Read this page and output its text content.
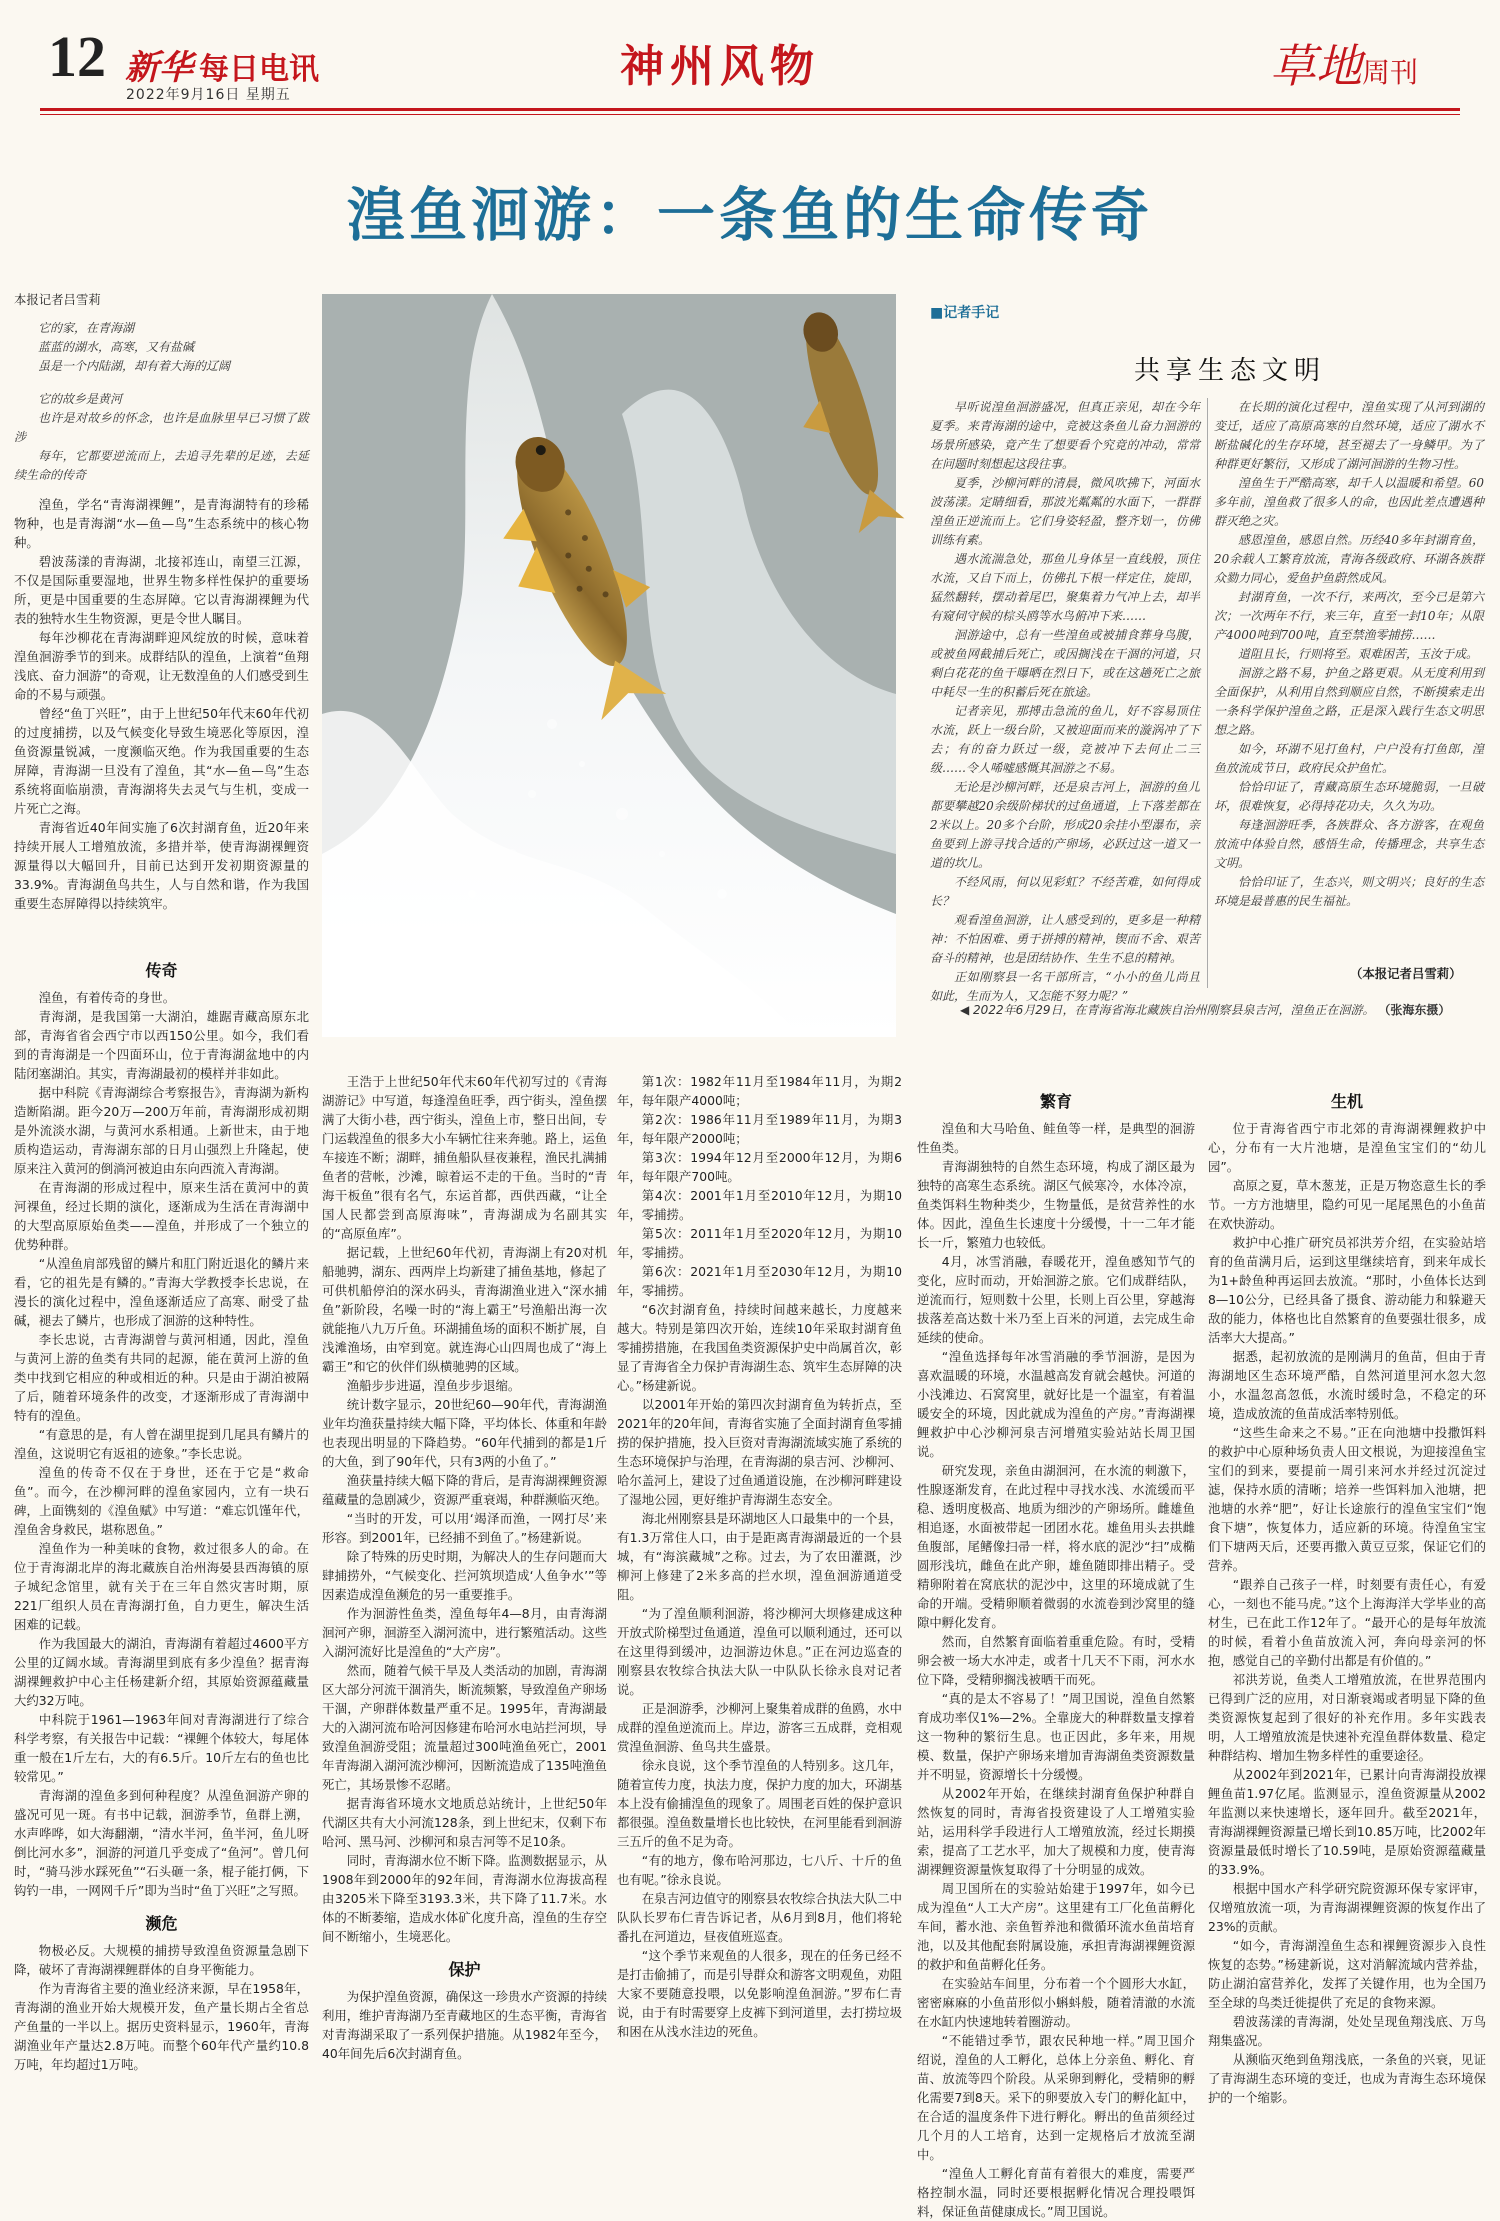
12 新华 每日电讯
2022年9月16日 星期五
神州风物	草地周刊
湟鱼洄游：一条鱼的生命传奇
本报记者吕雪莉
它的家，在青海湖
蓝蓝的湖水，高寒，又有盐碱
虽是一个内陆湖，却有着大海的辽阔
它的故乡是黄河
也许是对故乡的怀念，也许是血脉里早已习惯了跋涉
每年，它都要逆流而上，去追寻先辈的足迹，去延续生命的传奇

湟鱼，学名“青海湖裸鲤”，是青海湖特有的珍稀物种，也是青海湖“水—鱼—鸟”生态系统中的核心物种。

碧波荡漾的青海湖，北接祁连山，南望三江源，不仅是国际重要湿地，世界生物多样性保护的重要场所，更是中国重要的生态屏障。它以青海湖裸鲤为代表的独特水生生物资源，更是令世人瞩目。

每年沙柳花在青海湖畔迎风绽放的时候，意味着湟鱼洄游季节的到来。成群结队的湟鱼，上演着“鱼翔浅底、奋力洄游”的奇观，让无数湟鱼的人们感受到生命的不易与顽强。

曾经“鱼丁兴旺”，由于上世纪50年代末60年代初的过度捕捞，以及气候变化导致生境恶化等原因，湟鱼资源量锐减，一度濒临灭绝。作为我国重要的生态屏障，青海湖一旦没有了湟鱼，其“水—鱼—鸟”生态系统将面临崩溃，青海湖将失去灵气与生机，变成一片死亡之海。

青海省近40年间实施了6次封湖育鱼，近20年来持续开展人工增殖放流，多措并举，使青海湖裸鲤资源量得以大幅回升，目前已达到开发初期资源量的33.9%。青海湖鱼鸟共生，人与自然和谐，作为我国重要生态屏障得以持续筑牢。

◀ 2022年6月29日，在青海省海北藏族自治州刚察县泉吉河，湟鱼正在洄游。 （张海东摄）
■记者手记
共享生态文明

早听说湟鱼洄游盛况，但真正亲见，却在今年夏季。来青海湖的途中，竞被这条鱼儿奋力洄游的场景所感染，竟产生了想要看个究竟的冲动，常常在问题时刻想起这段往事。

夏季，沙柳河畔的清晨，微风吹拂下，河面水波荡漾。定睛细看，那波光粼粼的水面下，一群群湟鱼正逆流而上。它们身姿轻盈，整齐划一，仿佛训练有素。

遇水流湍急处，那鱼儿身体呈一直线般，顶住水流，又自下而上，仿佛扎下根一样定住，旋即，猛然翻转，摆动着尾巴，聚集着力气冲上去，却半有窥伺守候的棕头鸥等水鸟俯冲下来……

洄游途中，总有一些湟鱼或被捕食葬身鸟腹，或被鱼网截捕后死亡，或因搁浅在干涸的河道，只剩白花花的鱼干曝晒在烈日下，或在这趟死亡之旅中耗尽一生的积蓄后死在旅途。

记者亲见，那搏击急流的鱼儿，好不容易顶住水流，跃上一级台阶，又被迎面而来的漩涡冲了下去；有的奋力跃过一级，竞被冲下去何止二三级……令人唏嘘感慨其洄游之不易。

无论是沙柳河畔，还是泉吉河上，洄游的鱼儿都要攀越20余级阶梯状的过鱼通道，上下落差都在2米以上。20多个台阶，形成20余挂小型瀑布，亲鱼要到上游寻找合适的产卵场，必跃过这一道又一道的坎儿。

不经风雨，何以见彩虹？不经苦难，如何得成长？

观看湟鱼洄游，让人感受到的，更多是一种精神：不怕困难、勇于拼搏的精神，锲而不舍、艰苦奋斗的精神，也是团结协作、生生不息的精神。

正如刚察县一名干部所言，“小小的鱼儿尚且如此，生而为人，又怎能不努力呢？”

在长期的演化过程中，湟鱼实现了从河到湖的变迁，适应了高原高寒的自然环境，适应了湖水不断盐碱化的生存环境，甚至褪去了一身鳞甲。为了种群更好繁衍，又形成了湖河洄游的生物习性。

湟鱼生于严酷高寒，却千人以温暖和希望。60多年前，湟鱼救了很多人的命，也因此差点遭遇种群灭绝之灾。

感恩湟鱼，感恩自然。历经40多年封湖育鱼，20余载人工繁育放流，青海各级政府、环湖各族群众勠力同心，爱鱼护鱼蔚然成风。

封湖育鱼，一次不行，来两次，至今已是第六次；一次两年不行，来三年，直至一封10年；从限产4000吨到700吨，直至禁渔零捕捞……

道阻且长，行则将至。艰难困苦，玉汝于成。

洄游之路不易，护鱼之路更艰。从无度利用到全面保护，从利用自然到顺应自然，不断摸索走出一条科学保护湟鱼之路，正是深入践行生态文明思想之路。

如今，环湖不见打鱼村，户户没有打鱼郎，湟鱼放流成节日，政府民众护鱼忙。

恰恰印证了，青藏高原生态环境脆弱，一旦破坏，很难恢复，必得持花功夫，久久为功。

每逢洄游旺季，各族群众、各方游客，在观鱼放流中体验自然，感悟生命，传播理念，共享生态文明。

恰恰印证了，生态兴，则文明兴；良好的生态环境是最普惠的民生福祉。

（本报记者吕雪莉）
传奇

湟鱼，有着传奇的身世。

青海湖，是我国第一大湖泊，雄踞青藏高原东北部，青海省省会西宁市以西150公里。如今，我们看到的青海湖是一个四面环山，位于青海湖盆地中的内陆闭塞湖泊。其实，青海湖最初的模样并非如此。

据中科院《青海湖综合考察报告》，青海湖为新构造断陷湖。距今20万—200万年前，青海湖形成初期是外流淡水湖，与黄河水系相通。上新世末，由于地质构造运动，青海湖东部的日月山强烈上升隆起，使原来注入黄河的倒淌河被迫由东向西流入青海湖。

在青海湖的形成过程中，原来生活在黄河中的黄河裸鱼，经过长期的演化，逐渐成为生活在青海湖中的大型高原原始鱼类——湟鱼，并形成了一个独立的优势种群。

“从湟鱼肩部残留的鳞片和肛门附近退化的鳞片来看，它的祖先是有鳞的。”青海大学教授李长忠说，在漫长的演化过程中，湟鱼逐渐适应了高寒、耐受了盐碱，褪去了鳞片，也形成了洄游的这种特性。

李长忠说，古青海湖曾与黄河相通，因此，湟鱼与黄河上游的鱼类有共同的起源，能在黄河上游的鱼类中找到它相应的种或相近的种。只是由于湖泊被隔了后，随着环境条件的改变，才逐渐形成了青海湖中特有的湟鱼。

“有意思的是，有人曾在湖里捉到几尾具有鳞片的湟鱼，这说明它有返祖的迹象。”李长忠说。

湟鱼的传奇不仅在于身世，还在于它是“救命鱼”。而今，在沙柳河畔的湟鱼家园内，立有一块石碑，上面镌刻的《湟鱼赋》中写道：“难忘饥馑年代，湟鱼舍身救民，堪称恩鱼。”

湟鱼作为一种美味的食物，救过很多人的命。在位于青海湖北岸的海北藏族自治州海晏县西海镇的原子城纪念馆里，就有关于在三年自然灾害时期，原221厂组织人员在青海湖打鱼，自力更生，解决生活困难的记载。

作为我国最大的湖泊，青海湖有着超过4600平方公里的辽阔水域。青海湖里到底有多少湟鱼？据青海湖裸鲤救护中心主任杨建新介绍，其原始资源蕴藏量大约32万吨。

中科院于1961—1963年间对青海湖进行了综合科学考察，有关报告中记载：“裸鲤个体较大，每尾体重一般在1斤左右，大的有6.5斤。10斤左右的鱼也比较常见。”

青海湖的湟鱼多到何种程度？从湟鱼洄游产卵的盛况可见一斑。有书中记载，洄游季节，鱼群上溯，水声哗哗，如大海翻潮，“清水半河，鱼半河，鱼儿呀倒比河水多”，洄游的河道几乎变成了“鱼河”。曾几何时，“骑马涉水踩死鱼”“石头砸一条，棍子能打俩，下钩钓一串，一网网千斤”即为当时“鱼丁兴旺”之写照。

濒危

物极必反。大规模的捕捞导致湟鱼资源量急剧下降，破坏了青海湖裸鲤群体的自身平衡能力。

作为青海省主要的渔业经济来源，早在1958年，青海湖的渔业开始大规模开发，鱼产量长期占全省总产鱼量的一半以上。据历史资料显示，1960年，青海湖渔业年产量达2.8万吨。而整个60年代产量约10.8万吨，年均超过1万吨。

王浩于上世纪50年代末60年代初写过的《青海湖游记》中写道，每逢湟鱼旺季，西宁街头，湟鱼摆满了大街小巷，西宁街头，湟鱼上市，整日出间，专门运载湟鱼的很多大小车辆忙往来奔驰。路上，运鱼车接连不断；湖畔，捕鱼船队昼夜兼程，渔民扎满捕鱼者的营帐，沙滩，晾着运不走的干鱼。当时的“青海干板鱼”很有名气，东运首都，西供西藏，“让全国人民都尝到高原海味”，青海湖成为名副其实的“高原鱼库”。

据记载，上世纪60年代初，青海湖上有20对机船驰骋，湖东、西两岸上均新建了捕鱼基地，修起了可供机船停泊的深水码头，青海湖渔业进入“深水捕鱼”新阶段，名噪一时的“海上霸王”号渔船出海一次就能拖八九万斤鱼。环湖捕鱼场的面积不断扩展，自浅滩渔场，由窄到宽。就连海心山四周也成了“海上霸王”和它的伙伴们纵横驰骋的区域。

渔船步步进逼，湟鱼步步退缩。

统计数字显示，20世纪60—90年代，青海湖渔业年均渔获量持续大幅下降，平均体长、体重和年龄也表现出明显的下降趋势。“60年代捕到的都是1斤的大鱼，到了90年代，只有3两的小鱼了。”

渔获量持续大幅下降的背后，是青海湖裸鲤资源蕴藏量的急剧减少，资源严重衰竭，种群濒临灭绝。

“当时的开发，可以用‘竭泽而渔，一网打尽’来形容。到2001年，已经捕不到鱼了。”杨建新说。

除了特殊的历史时期，为解决人的生存问题而大肆捕捞外，“气候变化、拦河筑坝造成‘人鱼争水’”等因素造成湟鱼濒危的另一重要推手。

作为洄游性鱼类，湟鱼每年4—8月，由青海湖洄河产卵，洄游至入湖河流中，进行繁殖活动。这些入湖河流好比是湟鱼的“大产房”。

然而，随着气候干旱及人类活动的加剧，青海湖区大部分河流干涸消失，断流频繁，导致湟鱼产卵场干涸，产卵群体数量严重不足。1995年，青海湖最大的入湖河流布哈河因修建布哈河水电站拦河坝，导致湟鱼洄游受阻；流量超过300吨渔鱼死亡，2001年青海湖入湖河流沙柳河，因断流造成了135吨渔鱼死亡，其场景惨不忍睹。

据青海省环境水文地质总站统计，上世纪50年代湖区共有大小河流128条，到上世纪末，仅剩下布哈河、黑马河、沙柳河和泉吉河等不足10条。

同时，青海湖水位不断下降。监测数据显示，从1908年到2000年的92年间，青海湖水位海拔高程由3205米下降至3193.3米，共下降了11.7米。水体的不断萎缩，造成水体矿化度升高，湟鱼的生存空间不断缩小，生境恶化。

保护

为保护湟鱼资源，确保这一珍贵水产资源的持续利用，维护青海湖乃至青藏地区的生态平衡，青海省对青海湖采取了一系列保护措施。从1982年至今，40年间先后6次封湖育鱼。

第1次：1982年11月至1984年11月，为期2年，每年限产4000吨；

第2次：1986年11月至1989年11月，为期3年，每年限产2000吨；

第3次：1994年12月至2000年12月，为期6年，每年限产700吨。

第4次：2001年1月至2010年12月，为期10年，零捕捞。

第5次：2011年1月至2020年12月，为期10年，零捕捞。

第6次：2021年1月至2030年12月，为期10年，零捕捞。

“6次封湖育鱼，持续时间越来越长，力度越来越大。特别是第四次开始，连续10年采取封湖育鱼零捕捞措施，在我国鱼类资源保护史中尚属首次，彰显了青海省全力保护青海湖生态、筑牢生态屏障的决心。”杨建新说。

以2001年开始的第四次封湖育鱼为转折点，至2021年的20年间，青海省实施了全面封湖育鱼零捕捞的保护措施，投入巨资对青海湖流域实施了系统的生态环境保护与治理，在青海湖的泉吉河、沙柳河、哈尔盖河上，建设了过鱼通道设施，在沙柳河畔建设了湿地公园，更好维护青海湖生态安全。

海北州刚察县是环湖地区人口最集中的一个县，有1.3万常住人口，由于是距离青海湖最近的一个县城，有“海滨藏城”之称。过去，为了农田灌溉，沙柳河上修建了2米多高的拦水坝，湟鱼洄游通道受阻。

“为了湟鱼顺利洄游，将沙柳河大坝修建成这种开放式阶梯型过鱼通道，湟鱼可以顺利通过，还可以在这里得到缓冲，边洄游边休息。”正在河边巡查的刚察县农牧综合执法大队一中队队长徐永良对记者说。

正是洄游季，沙柳河上聚集着成群的鱼鸥，水中成群的湟鱼逆流而上。岸边，游客三五成群，竞相观赏湟鱼洄游、鱼鸟共生盛景。

徐永良说，这个季节湟鱼的人特别多。这几年，随着宣传力度，执法力度，保护力度的加大，环湖基本上没有偷捕湟鱼的现象了。周围老百姓的保护意识都很强。湟鱼数量增长也比较快，在河里能看到洄游三五斤的鱼不足为奇。

“有的地方，像布哈河那边，七八斤、十斤的鱼也有呢。”徐永良说。

在泉吉河边值守的刚察县农牧综合执法大队二中队队长罗布仁青告诉记者，从6月到8月，他们将轮番扎在河道边，昼夜值班巡查。

“这个季节来观鱼的人很多，现在的任务已经不是打击偷捕了，而是引导群众和游客文明观鱼，劝阻大家不要随意投喂，以免影响湟鱼洄游。”罗布仁青说，由于有时需要穿上皮裤下到河道里，去打捞垃圾和困在从浅水洼边的死鱼。

繁育

湟鱼和大马哈鱼、鲑鱼等一样，是典型的洄游性鱼类。

青海湖独特的自然生态环境，构成了湖区最为独特的高寒生态系统。湖区气候寒冷，水体冷凉，鱼类饵料生物种类少，生物量低，是贫营养性的水体。因此，湟鱼生长速度十分缓慢，十一二年才能长一斤，繁殖力也较低。

4月，冰雪消融，春暖花开，湟鱼感知节气的变化，应时而动，开始洄游之旅。它们成群结队，逆流而行，短则数十公里，长则上百公里，穿越海拔落差高达数十米乃至上百米的河道，去完成生命延续的使命。

“湟鱼选择每年冰雪消融的季节洄游，是因为喜欢温暖的环境，水温越高发育就会越快。河道的小浅滩边、石窝窝里，就好比是一个温室，有着温暖安全的环境，因此就成为湟鱼的产房。”青海湖裸鲤救护中心沙柳河泉吉河增殖实验站站长周卫国说。

研究发现，亲鱼由湖洄河，在水流的刺激下，性腺逐渐发育，在此过程中寻找水浅、水流缓而平稳、透明度极高、地质为细沙的产卵场所。雌雄鱼相追逐，水面被带起一团团水花。雄鱼用头去拱雌鱼腹部，尾鳍像扫帚一样，将水底的泥沙“扫”成椭圆形浅坑，雌鱼在此产卵，雄鱼随即排出精子。受精卵附着在窝底状的泥沙中，这里的环境成就了生命的开端。受精卵顺着微弱的水流卷到沙窝里的缝隙中孵化发育。

然而，自然繁育面临着重重危险。有时，受精卵会被一场大水冲走，或者十几天不下雨，河水水位下降，受精卵搁浅被晒干而死。

“真的是太不容易了！”周卫国说，湟鱼自然繁育成功率仅1%—2%。全靠庞大的种群数量支撑着这一物种的繁衍生息。也正因此，多年来，用规模、数量，保护产卵场来增加青海湖鱼类资源数量并不明显，资源增长十分缓慢。

从2002年开始，在继续封湖育鱼保护种群自然恢复的同时，青海省投资建设了人工增殖实验站，运用科学手段进行人工增殖放流，经过长期摸索，提高了工艺水平，加大了规模和力度，使青海湖裸鲤资源量恢复取得了十分明显的成效。

周卫国所在的实验站始建于1997年，如今已成为湟鱼“人工大产房”。这里建有工厂化鱼苗孵化车间，蓄水池、亲鱼暂养池和微循环流水鱼苗培育池，以及其他配套附属设施，承担青海湖裸鲤资源的救护和鱼苗孵化任务。

在实验站车间里，分布着一个个圆形大水缸，密密麻麻的小鱼苗形似小蝌蚪般，随着清澈的水流在水缸内快速地转着圈游动。

“不能错过季节，跟农民种地一样。”周卫国介绍说，湟鱼的人工孵化，总体上分亲鱼、孵化、育苗、放流等四个阶段。从采卵到孵化，受精卵的孵化需要7到8天。采下的卵要放入专门的孵化缸中，在合适的温度条件下进行孵化。孵出的鱼苗须经过几个月的人工培育，达到一定规格后才放流至湖中。

“湟鱼人工孵化育苗有着很大的难度，需要严格控制水温，同时还要根据孵化情况合理投喂饵料，保证鱼苗健康成长。”周卫国说。

生机

位于青海省西宁市北郊的青海湖裸鲤救护中心，分布有一大片池塘，是湟鱼宝宝们的“幼儿园”。

高原之夏，草木葱茏，正是万物恣意生长的季节。一方方池塘里，隐约可见一尾尾黑色的小鱼苗在欢快游动。

救护中心推广研究员祁洪芳介绍，在实验站培育的鱼苗满月后，运到这里继续培育，到来年成长为1+龄鱼种再运回去放流。“那时，小鱼体长达到8—10公分，已经具备了摄食、游动能力和躲避天敌的能力，体格也比自然繁育的鱼要强壮很多，成活率大大提高。”

据悉，起初放流的是刚满月的鱼苗，但由于青海湖地区生态环境严酷，自然河道里河水忽大忽小，水温忽高忽低，水流时缓时急，不稳定的环境，造成放流的鱼苗成活率特别低。

“这些生命来之不易。”正在向池塘中投撒饵料的救护中心原种场负责人田文根说，为迎接湟鱼宝宝们的到来，要提前一周引来河水并经过沉淀过滤，保持水质的清晰；培养一些饵料加入池塘，把池塘的水养“肥”，好让长途旅行的湟鱼宝宝们“饱食下塘”，恢复体力，适应新的环境。待湟鱼宝宝们下塘两天后，还要再撒入黄豆豆浆，保证它们的营养。

“跟养自己孩子一样，时刻要有责任心，有爱心，一刻也不能马虎。”这个上海海洋大学毕业的高材生，已在此工作12年了。“最开心的是每年放流的时候，看着小鱼苗放流入河，奔向母亲河的怀抱，感觉自己的辛勤付出都是有价值的。”

祁洪芳说，鱼类人工增殖放流，在世界范围内已得到广泛的应用，对日渐衰竭或者明显下降的鱼类资源恢复起到了很好的补充作用。多年实践表明，人工增殖放流是快速补充湟鱼群体数量、稳定种群结构、增加生物多样性的重要途径。

从2002年到2021年，已累计向青海湖投放裸鲤鱼苗1.97亿尾。监测显示，湟鱼资源量从2002年监测以来快速增长，逐年回升。截至2021年，青海湖裸鲤资源量已增长到10.85万吨，比2002年资源量最低时增长了10.59吨，是原始资源蕴藏量的33.9%。

根据中国水产科学研究院资源环保专家评审，仅增殖放流一项，为青海湖裸鲤资源的恢复作出了23%的贡献。

“如今，青海湖湟鱼生态和裸鲤资源步入良性恢复的态势。”杨建新说，这对消解流域内营养盐，防止湖泊富营养化，发挥了关键作用，也为全国乃至全球的鸟类迁徙提供了充足的食物来源。

碧波荡漾的青海湖，处处呈现鱼翔浅底、万鸟翔集盛况。

从濒临灭绝到鱼翔浅底，一条鱼的兴衰，见证了青海湖生态环境的变迁，也成为青海生态环境保护的一个缩影。
